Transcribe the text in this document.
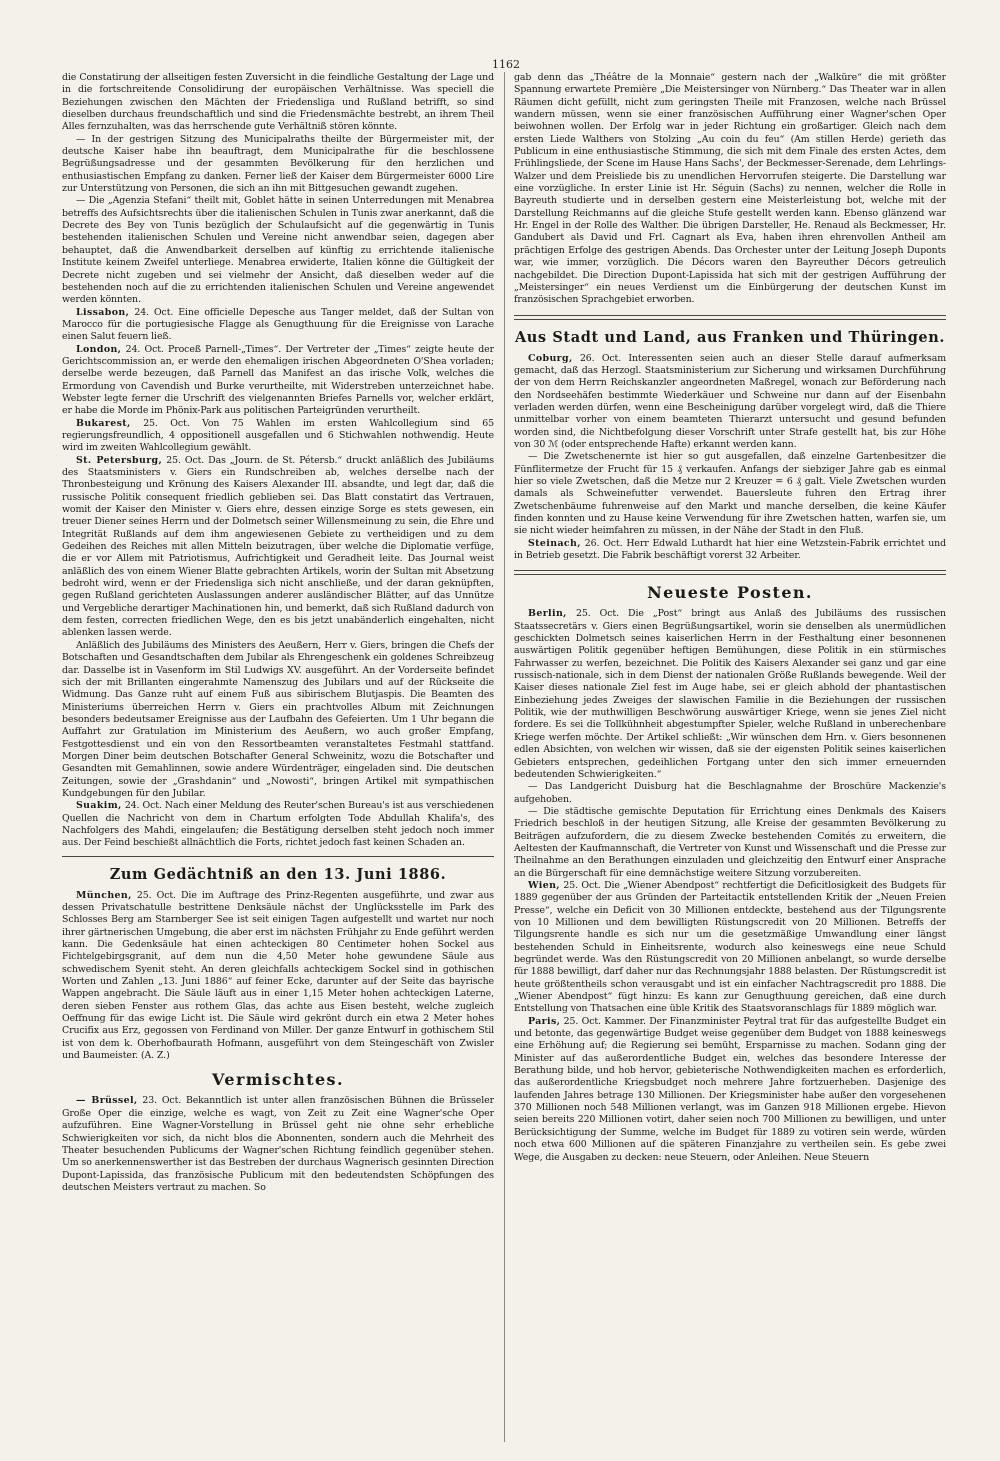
1162

die Constatirung der allseitigen festen Zuversicht in die feindliche Gestaltung der Lage und in die fortschreitende Consolidirung der europäischen Verhältnisse. Was speciell die Beziehungen zwischen den Mächten der Friedensliga und Rußland betrifft, so sind dieselben durchaus freundschaftlich und sind die Friedensmächte bestrebt, an ihrem Theil Alles fernzuhalten, was das herrschende gute Verhältniß stören könnte.

— In der gestrigen Sitzung des Municipalraths theilte der Bürgermeister mit, der deutsche Kaiser habe ihn beauftragt, dem Municipalrathe für die beschlossene Begrüßungsadresse und der gesammten Bevölkerung für den herzlichen und enthusiastischen Empfang zu danken. Ferner ließ der Kaiser dem Bürgermeister 6000 Lire zur Unterstützung von Personen, die sich an ihn mit Bittgesuchen gewandt zugehen.

— Die „Agenzia Stefani“ theilt mit, Goblet hätte in seinen Unterredungen mit Menabrea betreffs des Aufsichtsrechts über die italienischen Schulen in Tunis zwar anerkannt, daß die Decrete des Bey von Tunis bezüglich der Schulaufsicht auf die gegenwärtig in Tunis bestehenden italienischen Schulen und Vereine nicht anwendbar seien, dagegen aber behauptet, daß die Anwendbarkeit derselben auf künftig zu errichtende italienische Institute keinem Zweifel unterliege. Menabrea erwiderte, Italien könne die Gültigkeit der Decrete nicht zugeben und sei vielmehr der Ansicht, daß dieselben weder auf die bestehenden noch auf die zu errichtenden italienischen Schulen und Vereine angewendet werden könnten.

Lissabon, 24. Oct. Eine officielle Depesche aus Tanger meldet, daß der Sultan von Marocco für die portugiesische Flagge als Genugthuung für die Ereignisse von Larache einen Salut feuern ließ.

London, 24. Oct. Proceß Parnell-„Times“. Der Vertreter der „Times“ zeigte heute der Gerichtscommission an, er werde den ehemaligen irischen Abgeordneten O'Shea vorladen; derselbe werde bezeugen, daß Parnell das Manifest an das irische Volk, welches die Ermordung von Cavendish und Burke verurtheilte, mit Widerstreben unterzeichnet habe. Webster legte ferner die Urschrift des vielgenannten Briefes Parnells vor, welcher erklärt, er habe die Morde im Phönix-Park aus politischen Parteigründen verurtheilt.

Bukarest, 25. Oct. Von 75 Wahlen im ersten Wahlcollegium sind 65 regierungsfreundlich, 4 oppositionell ausgefallen und 6 Stichwahlen nothwendig. Heute wird im zweiten Wahlcollegium gewählt.

St. Petersburg, 25. Oct. Das „Journ. de St. Pétersb.“ druckt anläßlich des Jubiläums des Staatsministers v. Giers ein Rundschreiben ab, welches derselbe nach der Thronbesteigung und Krönung des Kaisers Alexander III. absandte, und legt dar, daß die russische Politik consequent friedlich geblieben sei. Das Blatt constatirt das Vertrauen, womit der Kaiser den Minister v. Giers ehre, dessen einzige Sorge es stets gewesen, ein treuer Diener seines Herrn und der Dolmetsch seiner Willensmeinung zu sein, die Ehre und Integrität Rußlands auf dem ihm angewiesenen Gebiete zu vertheidigen und zu dem Gedeihen des Reiches mit allen Mitteln beizutragen, über welche die Diplomatie verfüge, die er vor Allem mit Patriotismus, Aufrichtigkeit und Geradheit leite. Das Journal weist anläßlich des von einem Wiener Blatte gebrachten Artikels, worin der Sultan mit Absetzung bedroht wird, wenn er der Friedensliga sich nicht anschließe, und der daran geknüpften, gegen Rußland gerichteten Auslassungen anderer ausländischer Blätter, auf das Unnütze und Vergebliche derartiger Machinationen hin, und bemerkt, daß sich Rußland dadurch von dem festen, correcten friedlichen Wege, den es bis jetzt unabänderlich eingehalten, nicht ablenken lassen werde.

Anläßlich des Jubiläums des Ministers des Aeußern, Herr v. Giers, bringen die Chefs der Botschaften und Gesandtschaften dem Jubilar als Ehrengeschenk ein goldenes Schreibzeug dar. Dasselbe ist in Vasenform im Stil Ludwigs XV. ausgeführt. An der Vorderseite befindet sich der mit Brillanten eingerahmte Namenszug des Jubilars und auf der Rückseite die Widmung. Das Ganze ruht auf einem Fuß aus sibirischem Blutjaspis. Die Beamten des Ministeriums überreichen Herrn v. Giers ein prachtvolles Album mit Zeichnungen besonders bedeutsamer Ereignisse aus der Laufbahn des Gefeierten. Um 1 Uhr begann die Auffahrt zur Gratulation im Ministerium des Aeußern, wo auch großer Empfang, Festgottesdienst und ein von den Ressortbeamten veranstaltetes Festmahl stattfand. Morgen Diner beim deutschen Botschafter General Schweinitz, wozu die Botschafter und Gesandten mit Gemahlinnen, sowie andere Würdenträger, eingeladen sind. Die deutschen Zeitungen, sowie der „Grashdanin“ und „Nowosti“, bringen Artikel mit sympathischen Kundgebungen für den Jubilar.

Suakim, 24. Oct. Nach einer Meldung des Reuter'schen Bureau's ist aus verschiedenen Quellen die Nachricht von dem in Chartum erfolgten Tode Abdullah Khalifa's, des Nachfolgers des Mahdi, eingelaufen; die Bestätigung derselben steht jedoch noch immer aus. Der Feind beschießt allnächtlich die Forts, richtet jedoch fast keinen Schaden an.

Zum Gedächtniß an den 13. Juni 1886.

München, 25. Oct. Die im Auftrage des Prinz-Regenten ausgeführte, und zwar aus dessen Privatschatulle bestrittene Denksäule nächst der Unglücksstelle im Park des Schlosses Berg am Starnberger See ist seit einigen Tagen aufgestellt und wartet nur noch ihrer gärtnerischen Umgebung, die aber erst im nächsten Frühjahr zu Ende geführt werden kann. Die Gedenksäule hat einen achteckigen 80 Centimeter hohen Sockel aus Fichtelgebirgsgranit, auf dem nun die 4,50 Meter hohe gewundene Säule aus schwedischem Syenit steht. An deren gleichfalls achteckigem Sockel sind in gothischen Worten und Zahlen „13. Juni 1886“ auf feiner Ecke, darunter auf der Seite das bayrische Wappen angebracht. Die Säule läuft aus in einer 1,15 Meter hohen achteckigen Laterne, deren sieben Fenster aus rothem Glas, das achte aus Eisen besteht, welche zugleich Oeffnung für das ewige Licht ist. Die Säule wird gekrönt durch ein etwa 2 Meter hohes Crucifix aus Erz, gegossen von Ferdinand von Miller. Der ganze Entwurf in gothischem Stil ist von dem k. Oberhofbaurath Hofmann, ausgeführt von dem Steingeschäft von Zwisler und Baumeister. (A. Z.)

Vermischtes.

— Brüssel, 23. Oct. Bekanntlich ist unter allen französischen Bühnen die Brüsseler Große Oper die einzige, welche es wagt, von Zeit zu Zeit eine Wagner'sche Oper aufzuführen. Eine Wagner-Vorstellung in Brüssel geht nie ohne sehr erhebliche Schwierigkeiten vor sich, da nicht blos die Abonnenten, sondern auch die Mehrheit des Theater besuchenden Publicums der Wagner'schen Richtung feindlich gegenüber stehen. Um so anerkennenswerther ist das Bestreben der durchaus Wagnerisch gesinnten Direction Dupont-Lapissida, das französische Publicum mit den bedeutendsten Schöpfungen des deutschen Meisters vertraut zu machen. So

gab denn das „Théâtre de la Monnaie“ gestern nach der „Walküre“ die mit größter Spannung erwartete Première „Die Meistersinger von Nürnberg.“ Das Theater war in allen Räumen dicht gefüllt, nicht zum geringsten Theile mit Franzosen, welche nach Brüssel wandern müssen, wenn sie einer französischen Aufführung einer Wagner'schen Oper beiwohnen wollen. Der Erfolg war in jeder Richtung ein großartiger. Gleich nach dem ersten Liede Walthers von Stolzing „Au coin du feu“ (Am stillen Herde) gerieth das Publicum in eine enthusiastische Stimmung, die sich mit dem Finale des ersten Actes, dem Frühlingsliede, der Scene im Hause Hans Sachs', der Beckmesser-Serenade, dem Lehrlings-Walzer und dem Preisliede bis zu unendlichen Hervorrufen steigerte. Die Darstellung war eine vorzügliche. In erster Linie ist Hr. Séguin (Sachs) zu nennen, welcher die Rolle in Bayreuth studierte und in derselben gestern eine Meisterleistung bot, welche mit der Darstellung Reichmanns auf die gleiche Stufe gestellt werden kann. Ebenso glänzend war Hr. Engel in der Rolle des Walther. Die übrigen Darsteller, He. Renaud als Beckmesser, Hr. Gandubert als David und Frl. Cagnart als Eva, haben ihren ehrenvollen Antheil am prächtigen Erfolge des gestrigen Abends. Das Orchester unter der Leitung Joseph Duponts war, wie immer, vorzüglich. Die Décors waren den Bayreuther Décors getreulich nachgebildet. Die Direction Dupont-Lapissida hat sich mit der gestrigen Aufführung der „Meistersinger“ ein neues Verdienst um die Einbürgerung der deutschen Kunst im französischen Sprachgebiet erworben.

Aus Stadt und Land, aus Franken und Thüringen.

Coburg, 26. Oct. Interessenten seien auch an dieser Stelle darauf aufmerksam gemacht, daß das Herzogl. Staatsministerium zur Sicherung und wirksamen Durchführung der von dem Herrn Reichskanzler angeordneten Maßregel, wonach zur Beförderung nach den Nordseehäfen bestimmte Wiederkäuer und Schweine nur dann auf der Eisenbahn verladen werden dürfen, wenn eine Bescheinigung darüber vorgelegt wird, daß die Thiere unmittelbar vorher von einem beamteten Thierarzt untersucht und gesund befunden worden sind, die Nichtbefolgung dieser Vorschrift unter Strafe gestellt hat, bis zur Höhe von 30 ℳ (oder entsprechende Hafte) erkannt werden kann.

— Die Zwetschenernte ist hier so gut ausgefallen, daß einzelne Gartenbesitzer die Fünflitermetze der Frucht für 15 ₰ verkaufen. Anfangs der siebziger Jahre gab es einmal hier so viele Zwetschen, daß die Metze nur 2 Kreuzer = 6 ₰ galt. Viele Zwetschen wurden damals als Schweinefutter verwendet. Bauersleute fuhren den Ertrag ihrer Zwetschenbäume fuhrenweise auf den Markt und manche derselben, die keine Käufer finden konnten und zu Hause keine Verwendung für ihre Zwetschen hatten, warfen sie, um sie nicht wieder heimfahren zu müssen, in der Nähe der Stadt in den Fluß.

Steinach, 26. Oct. Herr Edwald Luthardt hat hier eine Wetzstein-Fabrik errichtet und in Betrieb gesetzt. Die Fabrik beschäftigt vorerst 32 Arbeiter.

Neueste Posten.

Berlin, 25. Oct. Die „Post“ bringt aus Anlaß des Jubiläums des russischen Staatssecretärs v. Giers einen Begrüßungsartikel, worin sie denselben als unermüdlichen geschickten Dolmetsch seines kaiserlichen Herrn in der Festhaltung einer besonnenen auswärtigen Politik gegenüber heftigen Bemühungen, diese Politik in ein stürmisches Fahrwasser zu werfen, bezeichnet. Die Politik des Kaisers Alexander sei ganz und gar eine russisch-nationale, sich in dem Dienst der nationalen Größe Rußlands bewegende. Weil der Kaiser dieses nationale Ziel fest im Auge habe, sei er gleich abhold der phantastischen Einbeziehung jedes Zweiges der slawischen Familie in die Beziehungen der russischen Politik, wie der muthwilligen Beschwörung auswärtiger Kriege, wenn sie jenes Ziel nicht fordere. Es sei die Tollkühnheit abgestumpfter Spieler, welche Rußland in unberechenbare Kriege werfen möchte. Der Artikel schließt: „Wir wünschen dem Hrn. v. Giers besonnenen edlen Absichten, von welchen wir wissen, daß sie der eigensten Politik seines kaiserlichen Gebieters entsprechen, gedeihlichen Fortgang unter den sich immer erneuernden bedeutenden Schwierigkeiten.“

— Das Landgericht Duisburg hat die Beschlagnahme der Broschüre Mackenzie's aufgehoben.

— Die städtische gemischte Deputation für Errichtung eines Denkmals des Kaisers Friedrich beschloß in der heutigen Sitzung, alle Kreise der gesammten Bevölkerung zu Beiträgen aufzufordern, die zu diesem Zwecke bestehenden Comités zu erweitern, die Aeltesten der Kaufmannschaft, die Vertreter von Kunst und Wissenschaft und die Presse zur Theilnahme an den Berathungen einzuladen und gleichzeitig den Entwurf einer Ansprache an die Bürgerschaft für eine demnächstige weitere Sitzung vorzubereiten.

Wien, 25. Oct. Die „Wiener Abendpost“ rechtfertigt die Deficitlosigkeit des Budgets für 1889 gegenüber der aus Gründen der Parteitactik entstellenden Kritik der „Neuen Freien Presse“, welche ein Deficit von 30 Millionen entdeckte, bestehend aus der Tilgungsrente von 10 Millionen und dem bewilligten Rüstungscredit von 20 Millionen. Betreffs der Tilgungsrente handle es sich nur um die gesetzmäßige Umwandlung einer längst bestehenden Schuld in Einheitsrente, wodurch also keineswegs eine neue Schuld begründet werde. Was den Rüstungscredit von 20 Millionen anbelangt, so wurde derselbe für 1888 bewilligt, darf daher nur das Rechnungsjahr 1888 belasten. Der Rüstungscredit ist heute größtentheils schon verausgabt und ist ein einfacher Nachtragscredit pro 1888. Die „Wiener Abendpost“ fügt hinzu: Es kann zur Genugthuung gereichen, daß eine durch Entstellung von Thatsachen eine üble Kritik des Staatsvoranschlags für 1889 möglich war.

Paris, 25. Oct. Kammer. Der Finanzminister Peytral trat für das aufgestellte Budget ein und betonte, das gegenwärtige Budget weise gegenüber dem Budget von 1888 keineswegs eine Erhöhung auf; die Regierung sei bemüht, Ersparnisse zu machen. Sodann ging der Minister auf das außerordentliche Budget ein, welches das besondere Interesse der Berathung bilde, und hob hervor, gebieterische Nothwendigkeiten machen es erforderlich, das außerordentliche Kriegsbudget noch mehrere Jahre fortzuerheben. Dasjenige des laufenden Jahres betrage 130 Millionen. Der Kriegsminister habe außer den vorgesehenen 370 Millionen noch 548 Millionen verlangt, was im Ganzen 918 Millionen ergebe. Hievon seien bereits 220 Millionen votirt, daher seien noch 700 Millionen zu bewilligen, und unter Berücksichtigung der Summe, welche im Budget für 1889 zu votiren sein werde, würden noch etwa 600 Millionen auf die späteren Finanzjahre zu vertheilen sein. Es gebe zwei Wege, die Ausgaben zu decken: neue Steuern, oder Anleihen. Neue Steuern
